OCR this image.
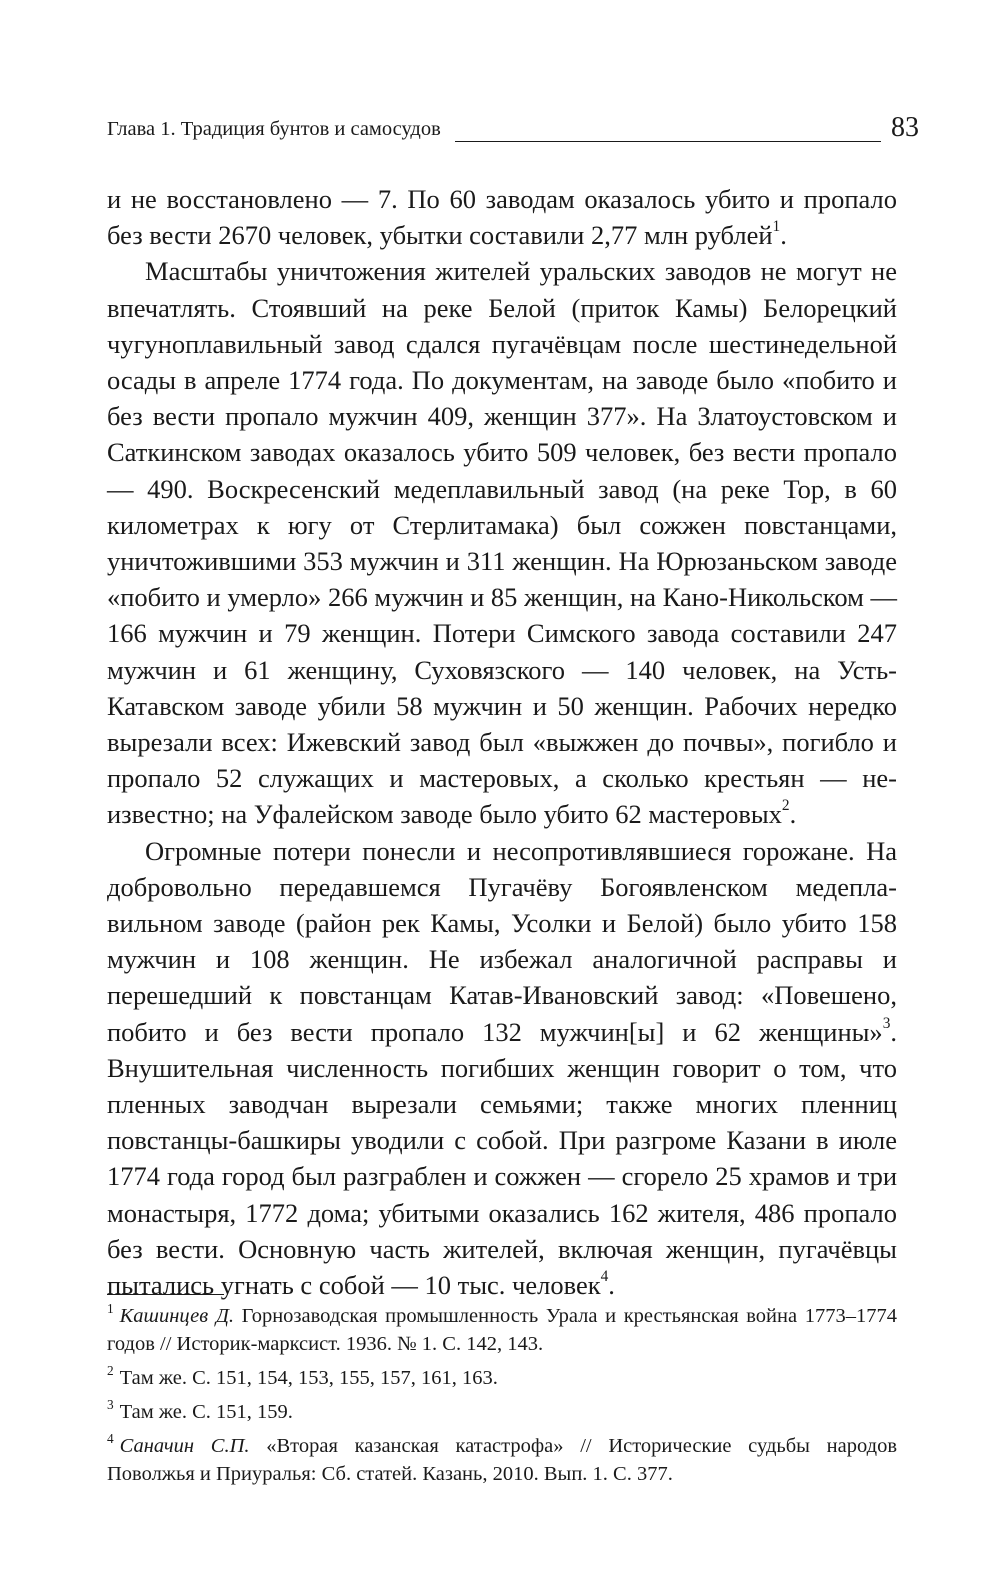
Глава 1. Традиция бунтов и самосудов	83

и не восстановлено — 7. По 60 заводам оказалось убито и пропало без вести 2670 человек, убытки составили 2,77 млн рублей$^1$.

Масштабы уничтожения жителей уральских заводов не могут не впечатлять. Стоявший на реке Белой (приток Камы) Белорецкий чугуноплавильный завод сдался пугачёвцам после шестинедельной осады в апреле 1774 года. По документам, на заводе было «побито и без вести пропало мужчин 409, женщин 377». На Златоустовском и Саткинском заводах оказалось убито 509 человек, без вести пропало — 490. Воскресенский медеплавильный завод (на реке Тор, в 60 километрах к югу от Стерлитамака) был сожжен повстанцами, уничтожившими 353 мужчин и 311 женщин. На Юрюзаньском заводе «побито и умерло» 266 мужчин и 85 женщин, на Кано-Никольском — 166 мужчин и 79 женщин. Потери Симского завода составили 247 мужчин и 61 женщину, Суховязского — 140 человек, на Усть-Катавском заводе убили 58 мужчин и 50 женщин. Рабочих нередко вырезали всех: Ижевский завод был «выжжен до почвы», погибло и пропало 52 служащих и мастеровых, а сколько крестьян — неизвестно; на Уфалейском заводе было убито 62 мастеровых$^2$.

Огромные потери понесли и несопротивлявшиеся горожане. На добровольно передавшемся Пугачёву Богоявленском медеплавильном заводе (район рек Камы, Усолки и Белой) было убито 158 мужчин и 108 женщин. Не избежал аналогичной расправы и перешедший к повстанцам Катав-Ивановский завод: «Повешено, побито и без вести пропало 132 мужчин[ы] и 62 женщины»$^3$. Внушительная численность погибших женщин говорит о том, что пленных заводчан вырезали семьями; также многих пленниц повстанцы-башкиры уводили с собой. При разгроме Казани в июле 1774 года город был разграблен и сожжен — сгорело 25 храмов и три монастыря, 1772 дома; убитыми оказались 162 жителя, 486 пропало без вести. Основную часть жителей, включая женщин, пугачёвцы пытались угнать с собой — 10 тыс. человек$^4$.

$^1$ Кашинцев Д. Горнозаводская промышленность Урала и крестьянская война 1773–1774 годов // Историк-марксист. 1936. № 1. С. 142, 143.

$^2$ Там же. С. 151, 154, 153, 155, 157, 161, 163.

$^3$ Там же. С. 151, 159.

$^4$ Саначин С.П. «Вторая казанская катастрофа» // Исторические судьбы народов Поволжья и Приуралья: Сб. статей. Казань, 2010. Вып. 1. С. 377.
